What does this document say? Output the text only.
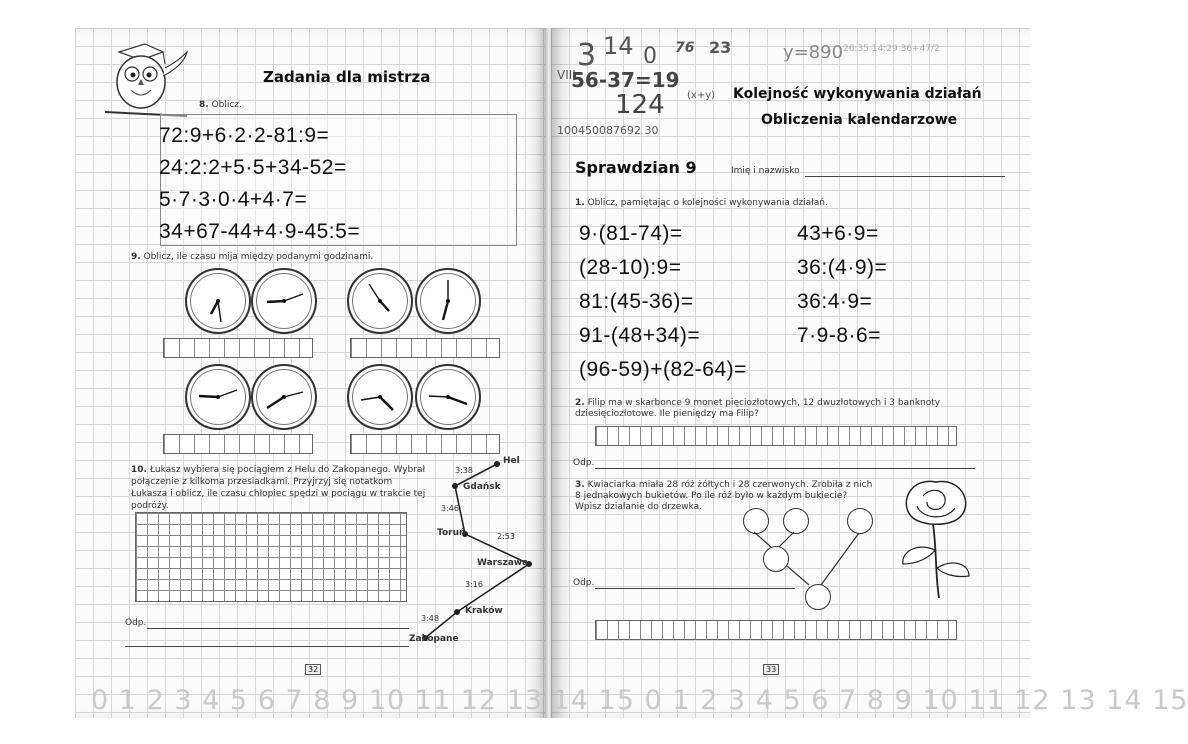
Zadania dla mistrza
8. Oblicz.
72:9+6·2·2-81:9=
24:2:2+5·5+34-52=
5·7·3·0·4+4·7=
34+67-44+4·9-45:5=
9. Oblicz, ile czasu mija między podanymi godzinami.
10. Łukasz wybiera się pociągiem z Helu do Zakopanego. Wybrał połączenie z kilkoma przesiadkami. Przyjrzyj się notatkom Łukasza i oblicz, ile czasu chłopiec spędzi w pociągu w trakcie tej podróży.
Hel
Gdańsk
Toruń
Warszawa
Kraków
Zakopane
3:38
3:46
2:53
3:16
3:48
Odp.
32
3 14 0 76 23	y=890
VIII
56-37=19
124 (x+y)
100450087692 30
26:35 14:29 36+47/2
Kolejność wykonywania działań
Obliczenia kalendarzowe
Sprawdzian 9	Imię i nazwisko
1. Oblicz, pamiętając o kolejności wykonywania działań.
9·(81-74)=
(28-10):9=
81:(45-36)=
91-(48+34)=
(96-59)+(82-64)=
43+6·9=
36:(4·9)=
36:4·9=
7·9-8·6=
2. Filip ma w skarbonce 9 monet pięciozłotowych, 12 dwuzłotowych i 3 banknoty dziesięciozłotowe. Ile pieniędzy ma Filip?
Odp.
3. Kwiaciarka miała 28 róż żółtych i 28 czerwonych. Zrobiła z nich 8 jednakowych bukietów. Po ile róż było w każdym bukiecie? Wpisz działanie do drzewka.
Odp.
33
0 1 2 3 4 5 6 7 8 9 10 11 12 13 14 15 0 1 2 3 4 5 6 7 8 9 10 11 12 13 14 15
